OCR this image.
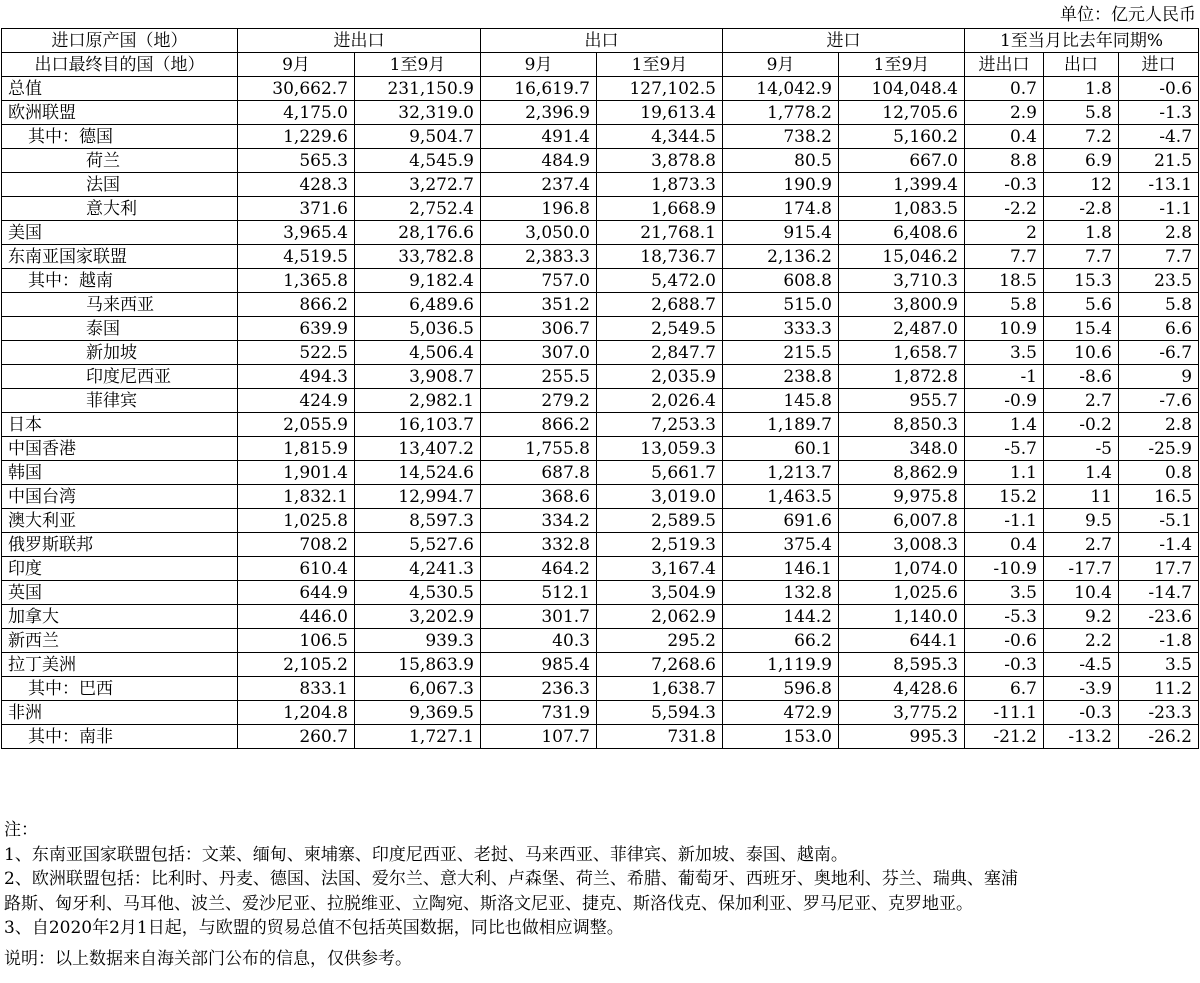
单位：亿元人民币
进口原产国（地）	进出口		出口		进口		1至当月比去年同期%		
出口最终目的国（地）	9月	1至9月	9月	1至9月	9月	1至9月	进出口	出口	进口
总值	30,662.7	231,150.9	16,619.7	127,102.5	14,042.9	104,048.4	0.7	1.8	-0.6
欧洲联盟	4,175.0	32,319.0	2,396.9	19,613.4	1,778.2	12,705.6	2.9	5.8	-1.3
其中：德国	1,229.6	9,504.7	491.4	4,344.5	738.2	5,160.2	0.4	7.2	-4.7
荷兰	565.3	4,545.9	484.9	3,878.8	80.5	667.0	8.8	6.9	21.5
法国	428.3	3,272.7	237.4	1,873.3	190.9	1,399.4	-0.3	12	-13.1
意大利	371.6	2,752.4	196.8	1,668.9	174.8	1,083.5	-2.2	-2.8	-1.1
美国	3,965.4	28,176.6	3,050.0	21,768.1	915.4	6,408.6	2	1.8	2.8
东南亚国家联盟	4,519.5	33,782.8	2,383.3	18,736.7	2,136.2	15,046.2	7.7	7.7	7.7
其中：越南	1,365.8	9,182.4	757.0	5,472.0	608.8	3,710.3	18.5	15.3	23.5
马来西亚	866.2	6,489.6	351.2	2,688.7	515.0	3,800.9	5.8	5.6	5.8
泰国	639.9	5,036.5	306.7	2,549.5	333.3	2,487.0	10.9	15.4	6.6
新加坡	522.5	4,506.4	307.0	2,847.7	215.5	1,658.7	3.5	10.6	-6.7
印度尼西亚	494.3	3,908.7	255.5	2,035.9	238.8	1,872.8	-1	-8.6	9
菲律宾	424.9	2,982.1	279.2	2,026.4	145.8	955.7	-0.9	2.7	-7.6
日本	2,055.9	16,103.7	866.2	7,253.3	1,189.7	8,850.3	1.4	-0.2	2.8
中国香港	1,815.9	13,407.2	1,755.8	13,059.3	60.1	348.0	-5.7	-5	-25.9
韩国	1,901.4	14,524.6	687.8	5,661.7	1,213.7	8,862.9	1.1	1.4	0.8
中国台湾	1,832.1	12,994.7	368.6	3,019.0	1,463.5	9,975.8	15.2	11	16.5
澳大利亚	1,025.8	8,597.3	334.2	2,589.5	691.6	6,007.8	-1.1	9.5	-5.1
俄罗斯联邦	708.2	5,527.6	332.8	2,519.3	375.4	3,008.3	0.4	2.7	-1.4
印度	610.4	4,241.3	464.2	3,167.4	146.1	1,074.0	-10.9	-17.7	17.7
英国	644.9	4,530.5	512.1	3,504.9	132.8	1,025.6	3.5	10.4	-14.7
加拿大	446.0	3,202.9	301.7	2,062.9	144.2	1,140.0	-5.3	9.2	-23.6
新西兰	106.5	939.3	40.3	295.2	66.2	644.1	-0.6	2.2	-1.8
拉丁美洲	2,105.2	15,863.9	985.4	7,268.6	1,119.9	8,595.3	-0.3	-4.5	3.5
其中：巴西	833.1	6,067.3	236.3	1,638.7	596.8	4,428.6	6.7	-3.9	11.2
非洲	1,204.8	9,369.5	731.9	5,594.3	472.9	3,775.2	-11.1	-0.3	-23.3
其中：南非	260.7	1,727.1	107.7	731.8	153.0	995.3	-21.2	-13.2	-26.2
注：
1、东南亚国家联盟包括：文莱、缅甸、柬埔寨、印度尼西亚、老挝、马来西亚、菲律宾、新加坡、泰国、越南。
2、欧洲联盟包括：比利时、丹麦、德国、法国、爱尔兰、意大利、卢森堡、荷兰、希腊、葡萄牙、西班牙、奥地利、芬兰、瑞典、塞浦
路斯、匈牙利、马耳他、波兰、爱沙尼亚、拉脱维亚、立陶宛、斯洛文尼亚、捷克、斯洛伐克、保加利亚、罗马尼亚、克罗地亚。
3、自2020年2月1日起，与欧盟的贸易总值不包括英国数据，同比也做相应调整。
说明：以上数据来自海关部门公布的信息，仅供参考。
